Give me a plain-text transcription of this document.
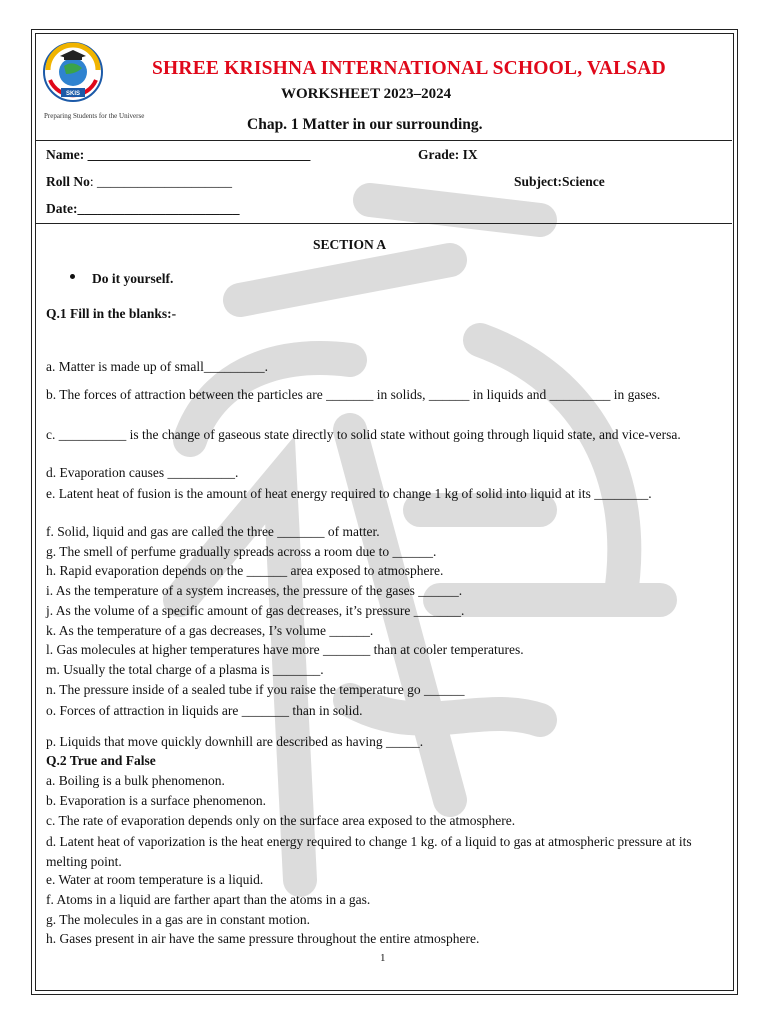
SKIS
Preparing Students for the Universe
SHREE KRISHNA INTERNATIONAL SCHOOL, VALSAD
WORKSHEET 2023–2024
Chap. 1 Matter in our surrounding.
Name: _________________________________	Grade: IX
Roll No: ____________________	Subject:Science
Date:________________________
SECTION A
Do it yourself.
Q.1 Fill in the blanks:-
a. Matter is made up of small_________.
b. The forces of attraction between the particles are _______ in solids, ______ in liquids and _________ in gases.
c. __________ is the change of gaseous state directly to solid state without going through liquid state, and vice-versa.
d. Evaporation causes __________.
e. Latent heat of fusion is the amount of heat energy required to change 1 kg of solid into liquid at its ________.
f. Solid, liquid and gas are called the three _______ of matter.
g. The smell of perfume gradually spreads across a room due to ______.
h. Rapid evaporation depends on the ______ area exposed to atmosphere.
i. As the temperature of a system increases, the pressure of the gases ______.
j. As the volume of a specific amount of gas decreases, it’s pressure _______.
k. As the temperature of a gas decreases, I’s volume ______.
l. Gas molecules at higher temperatures have more _______ than at cooler temperatures.
m. Usually the total charge of a plasma is _______.
n. The pressure inside of a sealed tube if you raise the temperature go ______
o. Forces of attraction in liquids are _______ than in solid.
p. Liquids that move quickly downhill are described as having _____.
Q.2 True and False
a. Boiling is a bulk phenomenon.
b. Evaporation is a surface phenomenon.
c. The rate of evaporation depends only on the surface area exposed to the atmosphere.
d. Latent heat of vaporization is the heat energy required to change 1 kg. of a liquid to gas at atmospheric pressure at its melting point.
e. Water at room temperature is a liquid.
f. Atoms in a liquid are farther apart than the atoms in a gas.
g. The molecules in a gas are in constant motion.
h. Gases present in air have the same pressure throughout the entire atmosphere.
1
